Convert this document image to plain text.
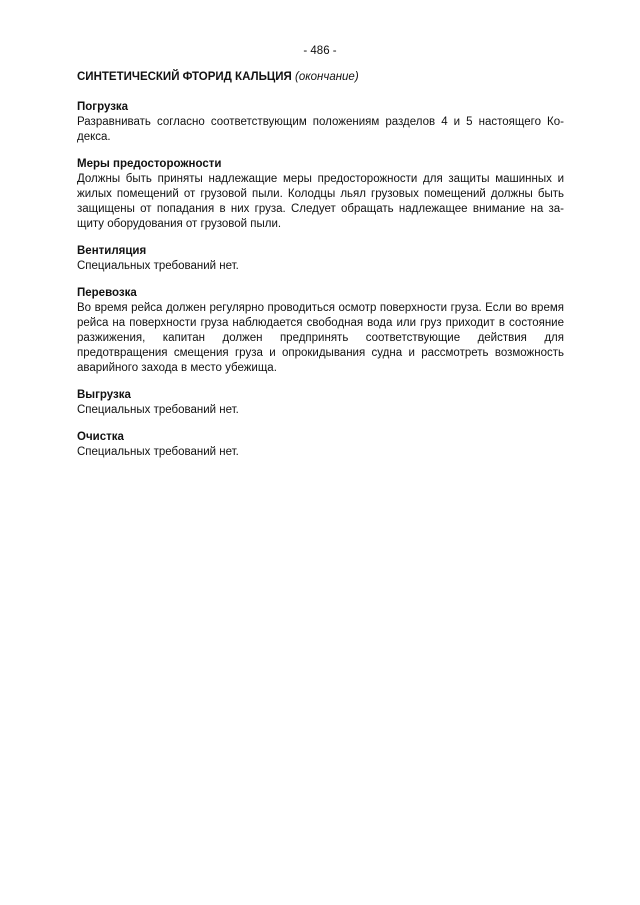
- 486 -
СИНТЕТИЧЕСКИЙ ФТОРИД КАЛЬЦИЯ (окончание)
Погрузка

Разравнивать согласно соответствующим положениям разделов 4 и 5 настоящего Кодекса.

Меры предосторожности

Должны быть приняты надлежащие меры предосторожности для защиты машинных и жилых помещений от грузовой пыли. Колодцы льял грузовых помещений должны быть защищены от попадания в них груза. Следует обращать надлежащее внимание на защиту оборудования от грузовой пыли.

Вентиляция

Специальных требований нет.

Перевозка

Во время рейса должен регулярно проводиться осмотр поверхности груза. Если во время рейса на поверхности груза наблюдается свободная вода или груз приходит в состояние разжижения, капитан должен предпринять соответствующие действия для предотвращения смещения груза и опрокидывания судна и рассмотреть возможность аварийного захода в место убежища.

Выгрузка

Специальных требований нет.

Очистка

Специальных требований нет.
